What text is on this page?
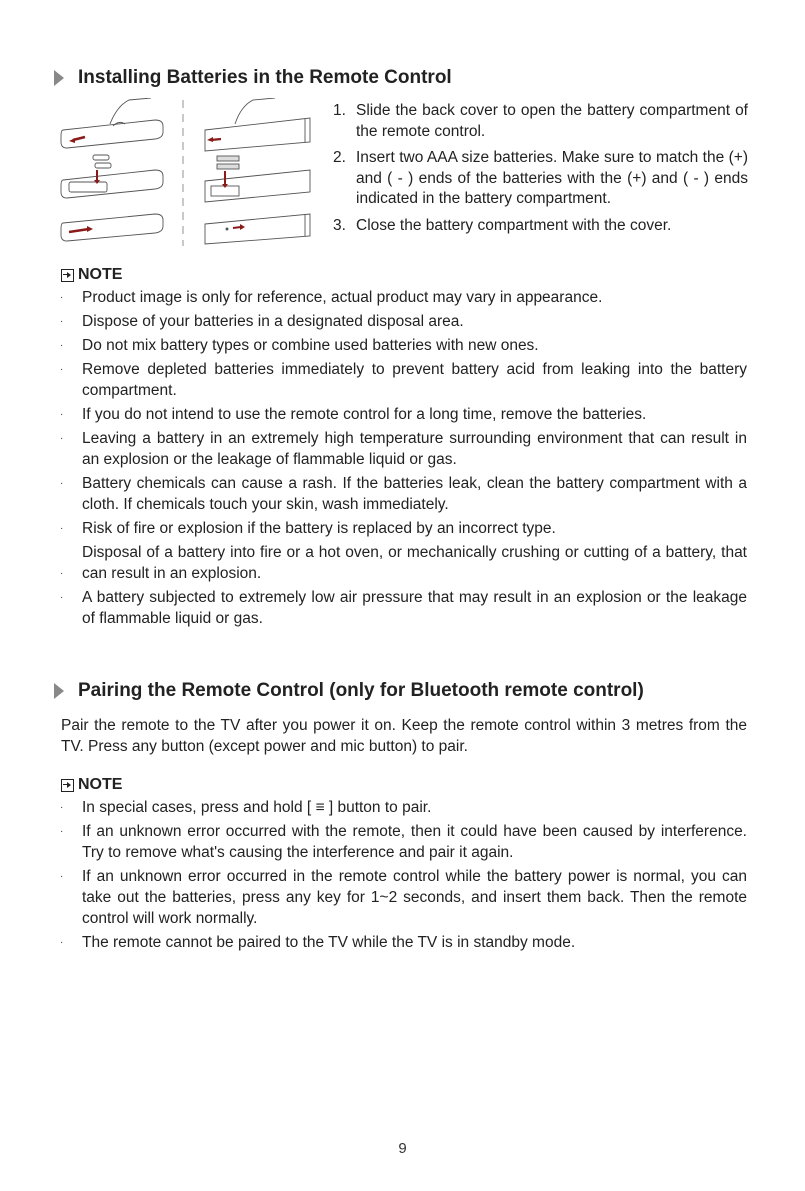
Installing Batteries in the Remote Control
1. Slide the back cover to open the battery compartment of the remote control.
2. Insert two AAA size batteries. Make sure to match the (+) and ( - ) ends of the batteries with the (+) and ( - ) ends indicated in the battery compartment.
3. Close the battery compartment with the cover.
NOTE
·	Product image is only for reference, actual product may vary in appearance.
·	Dispose of your batteries in a designated disposal area.
·	Do not mix battery types or combine used batteries with new ones.
·	Remove depleted batteries immediately to prevent battery acid from leaking into the battery compartment.
·	If you do not intend to use the remote control for a long time, remove the batteries.
·	Leaving a battery in an extremely high temperature surrounding environment that can result in an explosion or the leakage of flammable liquid or gas.
·	Battery chemicals can cause a rash. If the batteries leak, clean the battery compartment with a cloth. If chemicals touch your skin, wash immediately.
·	Risk of fire or explosion if the battery is replaced by an incorrect type.
·
Disposal of a battery into fire or a hot oven, or mechanically crushing or cutting of a battery, that can result in an explosion.
·	A battery subjected to extremely low air pressure that may result in an explosion or the leakage of flammable liquid or gas.
Pairing the Remote Control (only for Bluetooth remote control)

Pair the remote to the TV after you power it on. Keep the remote control within 3 metres from the TV. Press any button (except power and mic button) to pair.

NOTE
·	In special cases, press and hold [ ≡ ] button to pair.
·	If an unknown error occurred with the remote, then it could have been caused by interference. Try to remove what's causing the interference and pair it again.
·	If an unknown error occurred in the remote control while the battery power is normal, you can take out the batteries, press any key for 1~2 seconds, and insert them back. Then the remote control will work normally.
·	The remote cannot be paired to the TV while the TV is in standby mode.
9
